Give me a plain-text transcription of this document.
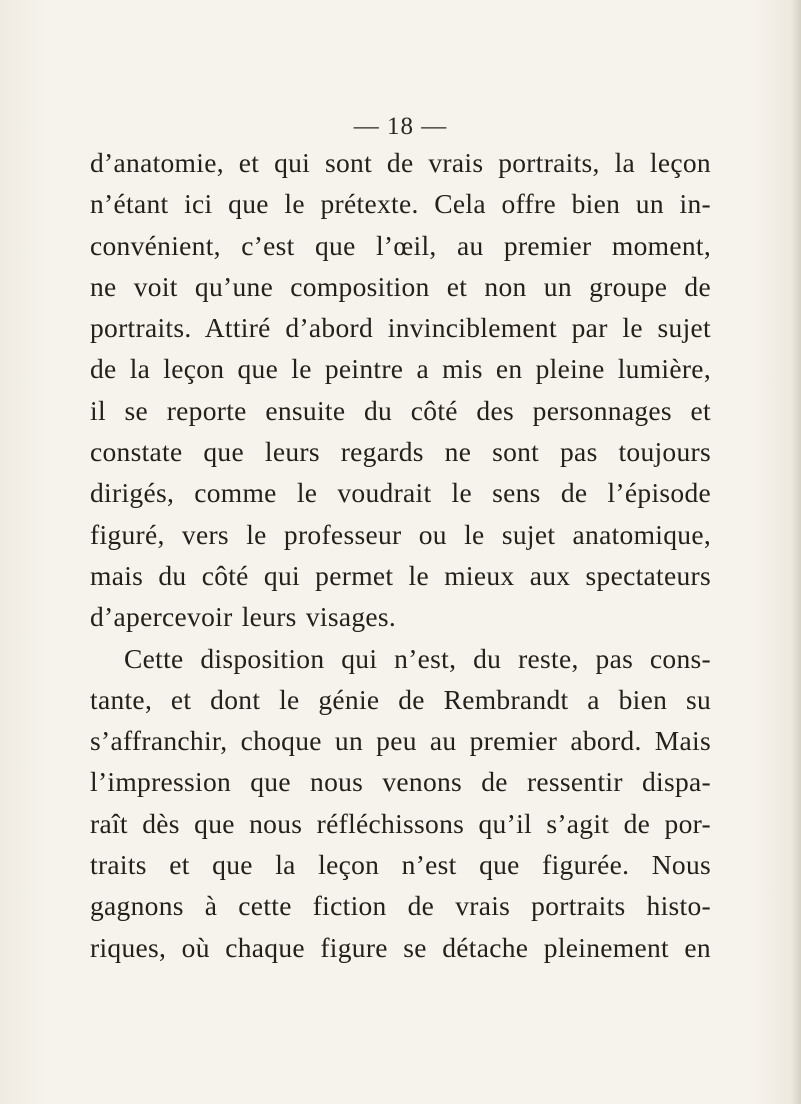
— 18 —
d’anatomie, et qui sont de vrais portraits, la leçon
n’étant ici que le prétexte. Cela offre bien un in-
convénient, c’est que l’œil, au premier moment,
ne voit qu’une composition et non un groupe de
portraits. Attiré d’abord invinciblement par le sujet
de la leçon que le peintre a mis en pleine lumière,
il se reporte ensuite du côté des personnages et
constate que leurs regards ne sont pas toujours
dirigés, comme le voudrait le sens de l’épisode
figuré, vers le professeur ou le sujet anatomique,
mais du côté qui permet le mieux aux spectateurs
d’apercevoir leurs visages.
Cette disposition qui n’est, du reste, pas cons-
tante, et dont le génie de Rembrandt a bien su
s’affranchir, choque un peu au premier abord. Mais
l’impression que nous venons de ressentir dispa-
raît dès que nous réfléchissons qu’il s’agit de por-
traits et que la leçon n’est que figurée. Nous
gagnons à cette fiction de vrais portraits histo-
riques, où chaque figure se détache pleinement en
